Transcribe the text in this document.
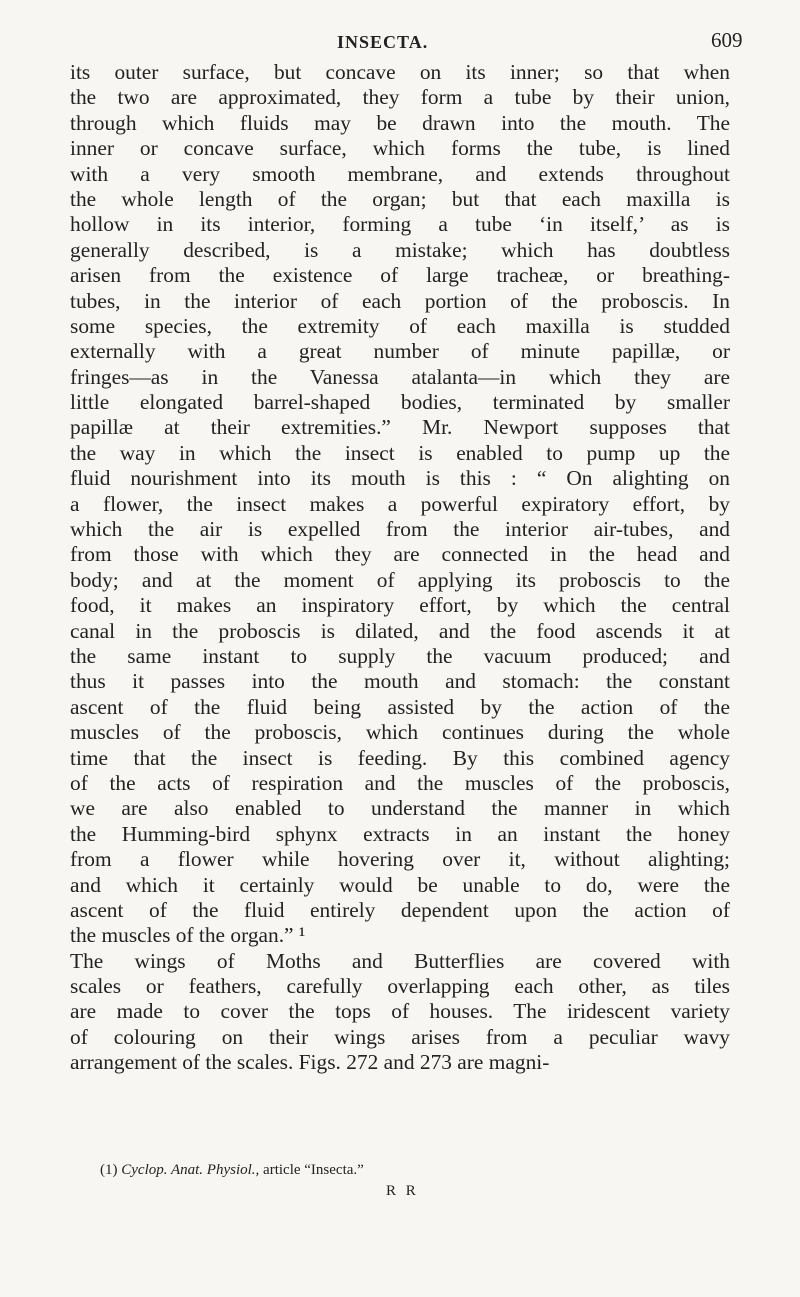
INSECTA.	609
its outer surface, but concave on its inner; so that when
the two are approximated, they form a tube by their union,
through which fluids may be drawn into the mouth. The
inner or concave surface, which forms the tube, is lined
with a very smooth membrane, and extends throughout
the whole length of the organ; but that each maxilla is
hollow in its interior, forming a tube ‘in itself,’ as is
generally described, is a mistake; which has doubtless
arisen from the existence of large tracheæ, or breathing-
tubes, in the interior of each portion of the proboscis. In
some species, the extremity of each maxilla is studded
externally with a great number of minute papillæ, or
fringes—as in the Vanessa atalanta—in which they are
little elongated barrel-shaped bodies, terminated by smaller
papillæ at their extremities.” Mr. Newport supposes that
the way in which the insect is enabled to pump up the
fluid nourishment into its mouth is this : “ On alighting on
a flower, the insect makes a powerful expiratory effort, by
which the air is expelled from the interior air-tubes, and
from those with which they are connected in the head and
body; and at the moment of applying its proboscis to the
food, it makes an inspiratory effort, by which the central
canal in the proboscis is dilated, and the food ascends it at
the same instant to supply the vacuum produced; and
thus it passes into the mouth and stomach: the constant
ascent of the fluid being assisted by the action of the
muscles of the proboscis, which continues during the whole
time that the insect is feeding. By this combined agency
of the acts of respiration and the muscles of the proboscis,
we are also enabled to understand the manner in which
the Humming-bird sphynx extracts in an instant the honey
from a flower while hovering over it, without alighting;
and which it certainly would be unable to do, were the
ascent of the fluid entirely dependent upon the action of
the muscles of the organ.” ¹
The wings of Moths and Butterflies are covered with
scales or feathers, carefully overlapping each other, as tiles
are made to cover the tops of houses. The iridescent variety
of colouring on their wings arises from a peculiar wavy
arrangement of the scales. Figs. 272 and 273 are magni-
(1) Cyclop. Anat. Physiol., article “Insecta.”
R R
